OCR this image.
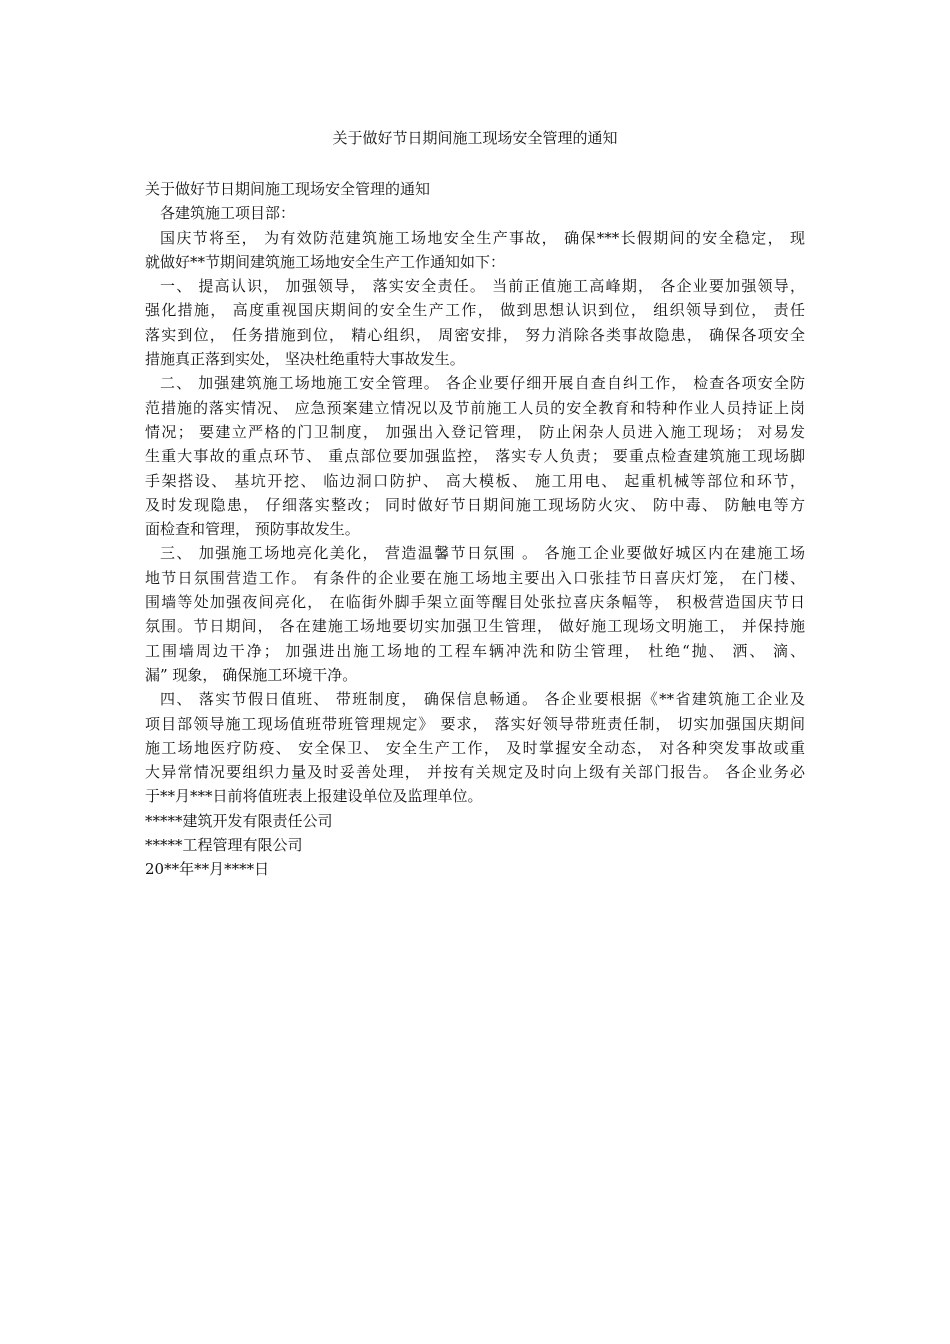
关于做好节日期间施工现场安全管理的通知

关于做好节日期间施工现场安全管理的通知

各建筑施工项目部：

国庆节将至， 为有效防范建筑施工场地安全生产事故， 确保***长假期间的安全稳定， 现

就做好**节期间建筑施工场地安全生产工作通知如下：

一、 提高认识， 加强领导， 落实安全责任。 当前正值施工高峰期， 各企业要加强领导，

强化措施， 高度重视国庆期间的安全生产工作， 做到思想认识到位， 组织领导到位， 责任

落实到位， 任务措施到位， 精心组织， 周密安排， 努力消除各类事故隐患， 确保各项安全

措施真正落到实处， 坚决杜绝重特大事故发生。

二、 加强建筑施工场地施工安全管理。 各企业要仔细开展自查自纠工作， 检查各项安全防

范措施的落实情况、 应急预案建立情况以及节前施工人员的安全教育和特种作业人员持证上岗

情况； 要建立严格的门卫制度， 加强出入登记管理， 防止闲杂人员进入施工现场； 对易发

生重大事故的重点环节、 重点部位要加强监控， 落实专人负责； 要重点检查建筑施工现场脚

手架搭设、 基坑开挖、 临边洞口防护、 高大模板、 施工用电、 起重机械等部位和环节，

及时发现隐患， 仔细落实整改； 同时做好节日期间施工现场防火灾、 防中毒、 防触电等方

面检查和管理， 预防事故发生。

三、 加强施工场地亮化美化， 营造温馨节日氛围 。 各施工企业要做好城区内在建施工场

地节日氛围营造工作。 有条件的企业要在施工场地主要出入口张挂节日喜庆灯笼， 在门楼、

围墙等处加强夜间亮化， 在临街外脚手架立面等醒目处张拉喜庆条幅等， 积极营造国庆节日

氛围。节日期间， 各在建施工场地要切实加强卫生管理， 做好施工现场文明施工， 并保持施

工围墙周边干净； 加强进出施工场地的工程车辆冲洗和防尘管理， 杜绝“抛、 洒、 滴、

漏” 现象， 确保施工环境干净。

四、 落实节假日值班、 带班制度， 确保信息畅通。 各企业要根据《**省建筑施工企业及

项目部领导施工现场值班带班管理规定》 要求， 落实好领导带班责任制， 切实加强国庆期间

施工场地医疗防疫、 安全保卫、 安全生产工作， 及时掌握安全动态， 对各种突发事故或重

大异常情况要组织力量及时妥善处理， 并按有关规定及时向上级有关部门报告。 各企业务必

于**月***日前将值班表上报建设单位及监理单位。

*****建筑开发有限责任公司

*****工程管理有限公司

20**年**月****日
